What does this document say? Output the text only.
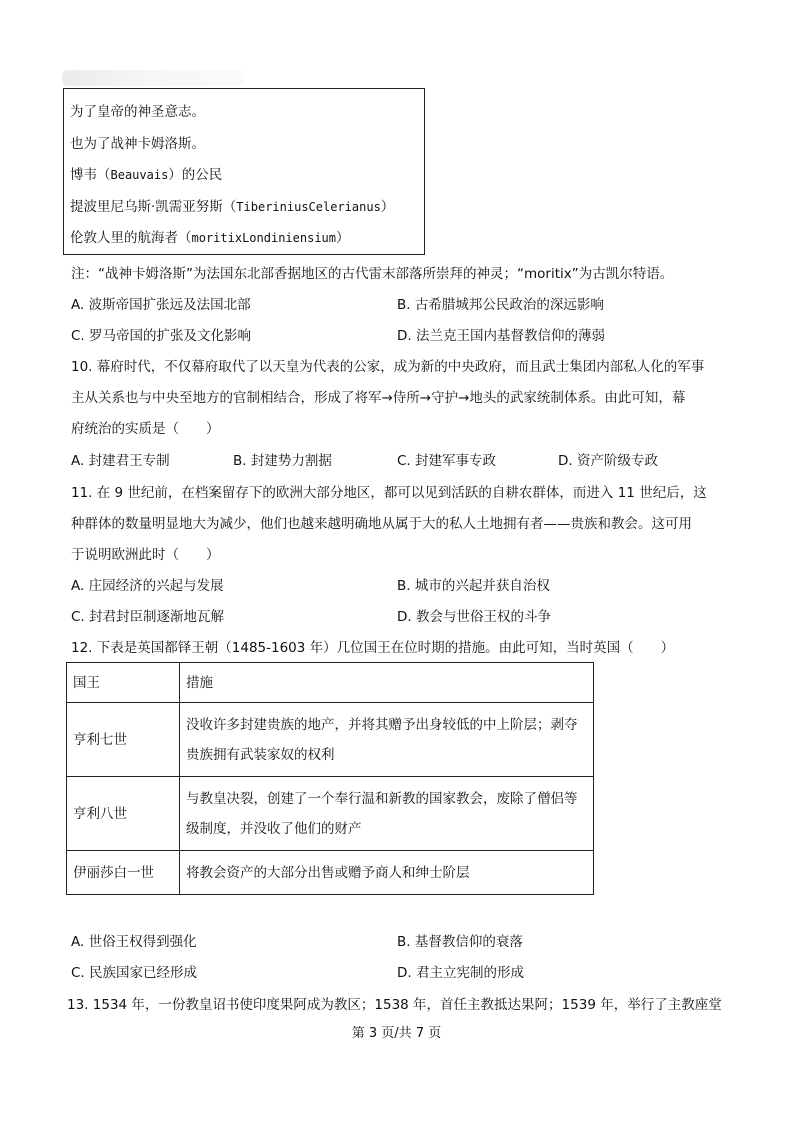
为了皇帝的神圣意志。
也为了战神卡姆洛斯。
博韦（Beauvais）的公民
提波里尼乌斯·凯需亚努斯（TiberiniusCelerianus）
伦敦人里的航海者（moritixLondiniensium）
注：“战神卡姆洛斯”为法国东北部香据地区的古代雷末部落所崇拜的神灵；“moritix”为古凯尔特语。
A. 波斯帝国扩张远及法国北部	B. 古希腊城邦公民政治的深远影响
C. 罗马帝国的扩张及文化影响	D. 法兰克王国内基督教信仰的薄弱
10. 幕府时代，不仅幕府取代了以天皇为代表的公家，成为新的中央政府，而且武士集团内部私人化的军事
主从关系也与中央至地方的官制相结合，形成了将军→侍所→守护→地头的武家统制体系。由此可知，幕
府统治的实质是（　　）
A. 封建君王专制	B. 封建势力割据	C. 封建军事专政	D. 资产阶级专政
11. 在 9 世纪前，在档案留存下的欧洲大部分地区，都可以见到活跃的自耕农群体，而进入 11 世纪后，这
种群体的数量明显地大为减少，他们也越来越明确地从属于大的私人土地拥有者——贵族和教会。这可用
于说明欧洲此时（　　）
A. 庄园经济的兴起与发展	B. 城市的兴起并获自治权
C. 封君封臣制逐渐地瓦解	D. 教会与世俗王权的斗争
12. 下表是英国都铎王朝（1485-1603 年）几位国王在位时期的措施。由此可知，当时英国（　　）
国王	措施
亨利七世	没收许多封建贵族的地产，并将其赠予出身较低的中上阶层；剥夺
贵族拥有武装家奴的权利

亨利八世	与教皇决裂，创建了一个奉行温和新教的国家教会，废除了僧侣等
级制度，并没收了他们的财产

伊丽莎白一世	将教会资产的大部分出售或赠予商人和绅士阶层
A. 世俗王权得到强化	B. 基督教信仰的衰落
C. 民族国家已经形成	D. 君主立宪制的形成
13. 1534 年，一份教皇诏书使印度果阿成为教区；1538 年，首任主教抵达果阿；1539 年，举行了主教座堂
第 3 页/共 7 页
